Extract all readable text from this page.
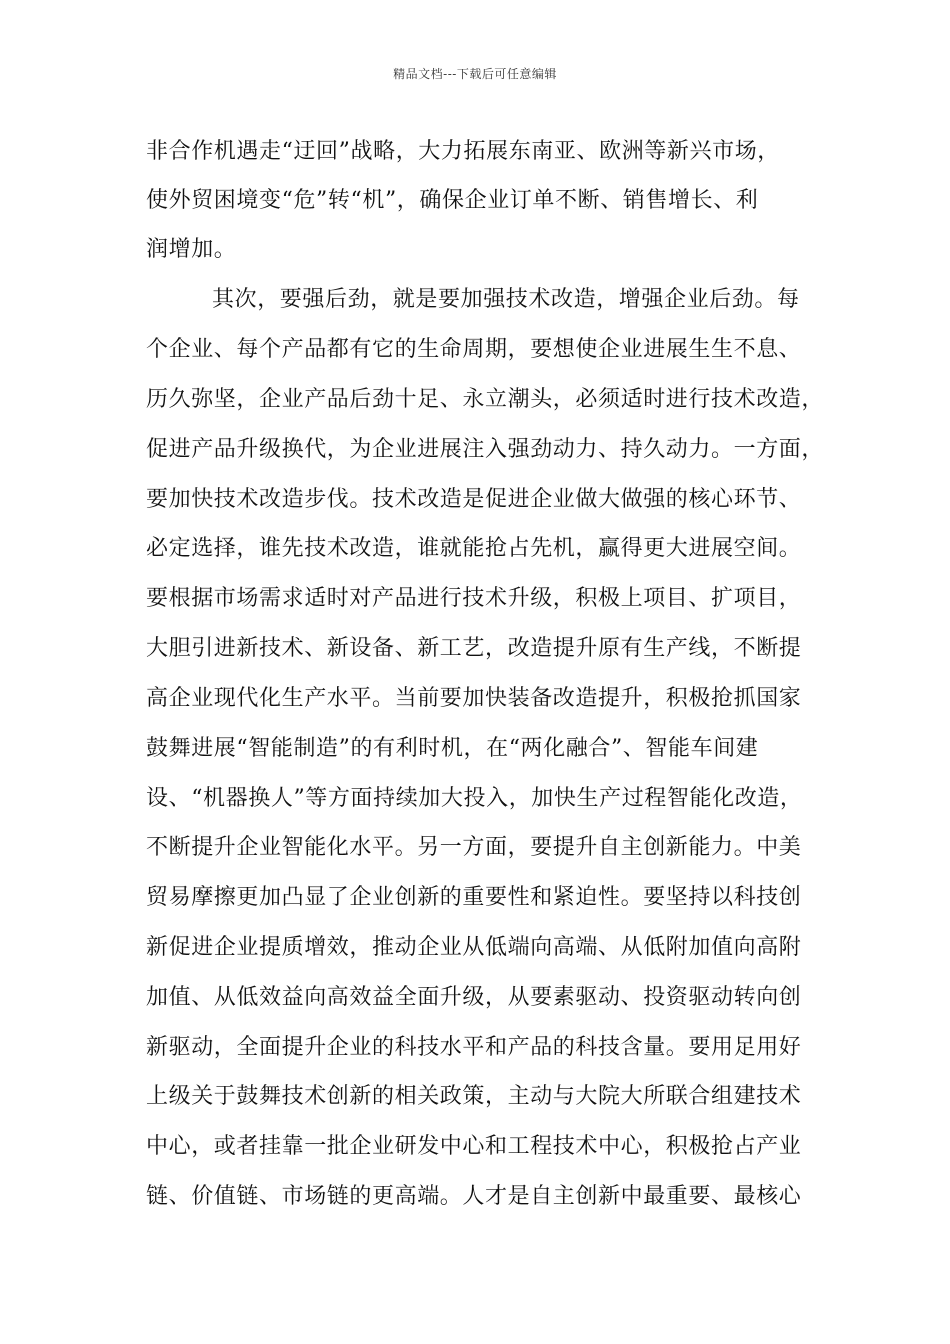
精品文档---下载后可任意编辑
非合作机遇走“迂回”战略，大力拓展东南亚、欧洲等新兴市场，
使外贸困境变“危”转“机”，确保企业订单不断、销售增长、利
润增加。
其次，要强后劲，就是要加强技术改造，增强企业后劲。每
个企业、每个产品都有它的生命周期，要想使企业进展生生不息、
历久弥坚，企业产品后劲十足、永立潮头，必须适时进行技术改造，
促进产品升级换代，为企业进展注入强劲动力、持久动力。一方面，
要加快技术改造步伐。技术改造是促进企业做大做强的核心环节、
必定选择，谁先技术改造，谁就能抢占先机，赢得更大进展空间。
要根据市场需求适时对产品进行技术升级，积极上项目、扩项目，
大胆引进新技术、新设备、新工艺，改造提升原有生产线，不断提
高企业现代化生产水平。当前要加快装备改造提升，积极抢抓国家
鼓舞进展“智能制造”的有利时机，在“两化融合”、智能车间建
设、“机器换人”等方面持续加大投入，加快生产过程智能化改造，
不断提升企业智能化水平。另一方面，要提升自主创新能力。中美
贸易摩擦更加凸显了企业创新的重要性和紧迫性。要坚持以科技创
新促进企业提质增效，推动企业从低端向高端、从低附加值向高附
加值、从低效益向高效益全面升级，从要素驱动、投资驱动转向创
新驱动，全面提升企业的科技水平和产品的科技含量。要用足用好
上级关于鼓舞技术创新的相关政策，主动与大院大所联合组建技术
中心，或者挂靠一批企业研发中心和工程技术中心，积极抢占产业
链、价值链、市场链的更高端。人才是自主创新中最重要、最核心
